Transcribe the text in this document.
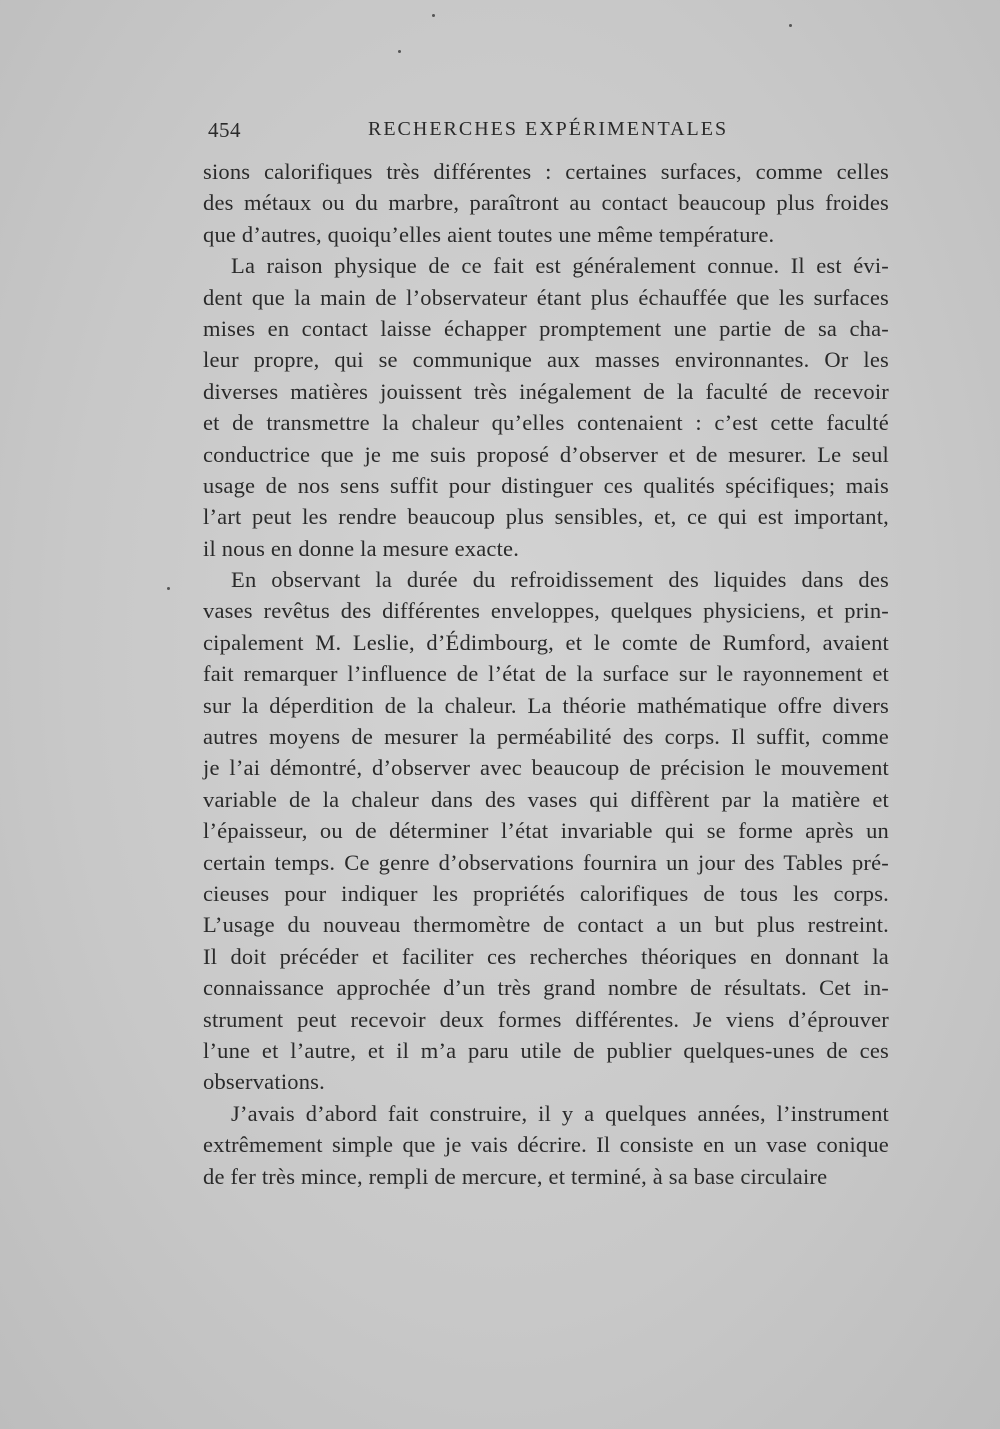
454	RECHERCHES EXPÉRIMENTALES
sions calorifiques très différentes : certaines surfaces, comme celles
des métaux ou du marbre, paraîtront au contact beaucoup plus froides
que d’autres, quoiqu’elles aient toutes une même température.
La raison physique de ce fait est généralement connue. Il est évi-
dent que la main de l’observateur étant plus échauffée que les surfaces
mises en contact laisse échapper promptement une partie de sa cha-
leur propre, qui se communique aux masses environnantes. Or les
diverses matières jouissent très inégalement de la faculté de recevoir
et de transmettre la chaleur qu’elles contenaient : c’est cette faculté
conductrice que je me suis proposé d’observer et de mesurer. Le seul
usage de nos sens suffit pour distinguer ces qualités spécifiques; mais
l’art peut les rendre beaucoup plus sensibles, et, ce qui est important,
il nous en donne la mesure exacte.
En observant la durée du refroidissement des liquides dans des
vases revêtus des différentes enveloppes, quelques physiciens, et prin-
cipalement M. Leslie, d’Édimbourg, et le comte de Rumford, avaient
fait remarquer l’influence de l’état de la surface sur le rayonnement et
sur la déperdition de la chaleur. La théorie mathématique offre divers
autres moyens de mesurer la perméabilité des corps. Il suffit, comme
je l’ai démontré, d’observer avec beaucoup de précision le mouvement
variable de la chaleur dans des vases qui diffèrent par la matière et
l’épaisseur, ou de déterminer l’état invariable qui se forme après un
certain temps. Ce genre d’observations fournira un jour des Tables pré-
cieuses pour indiquer les propriétés calorifiques de tous les corps.
L’usage du nouveau thermomètre de contact a un but plus restreint.
Il doit précéder et faciliter ces recherches théoriques en donnant la
connaissance approchée d’un très grand nombre de résultats. Cet in-
strument peut recevoir deux formes différentes. Je viens d’éprouver
l’une et l’autre, et il m’a paru utile de publier quelques-unes de ces
observations.
J’avais d’abord fait construire, il y a quelques années, l’instrument
extrêmement simple que je vais décrire. Il consiste en un vase conique
de fer très mince, rempli de mercure, et terminé, à sa base circulaire
